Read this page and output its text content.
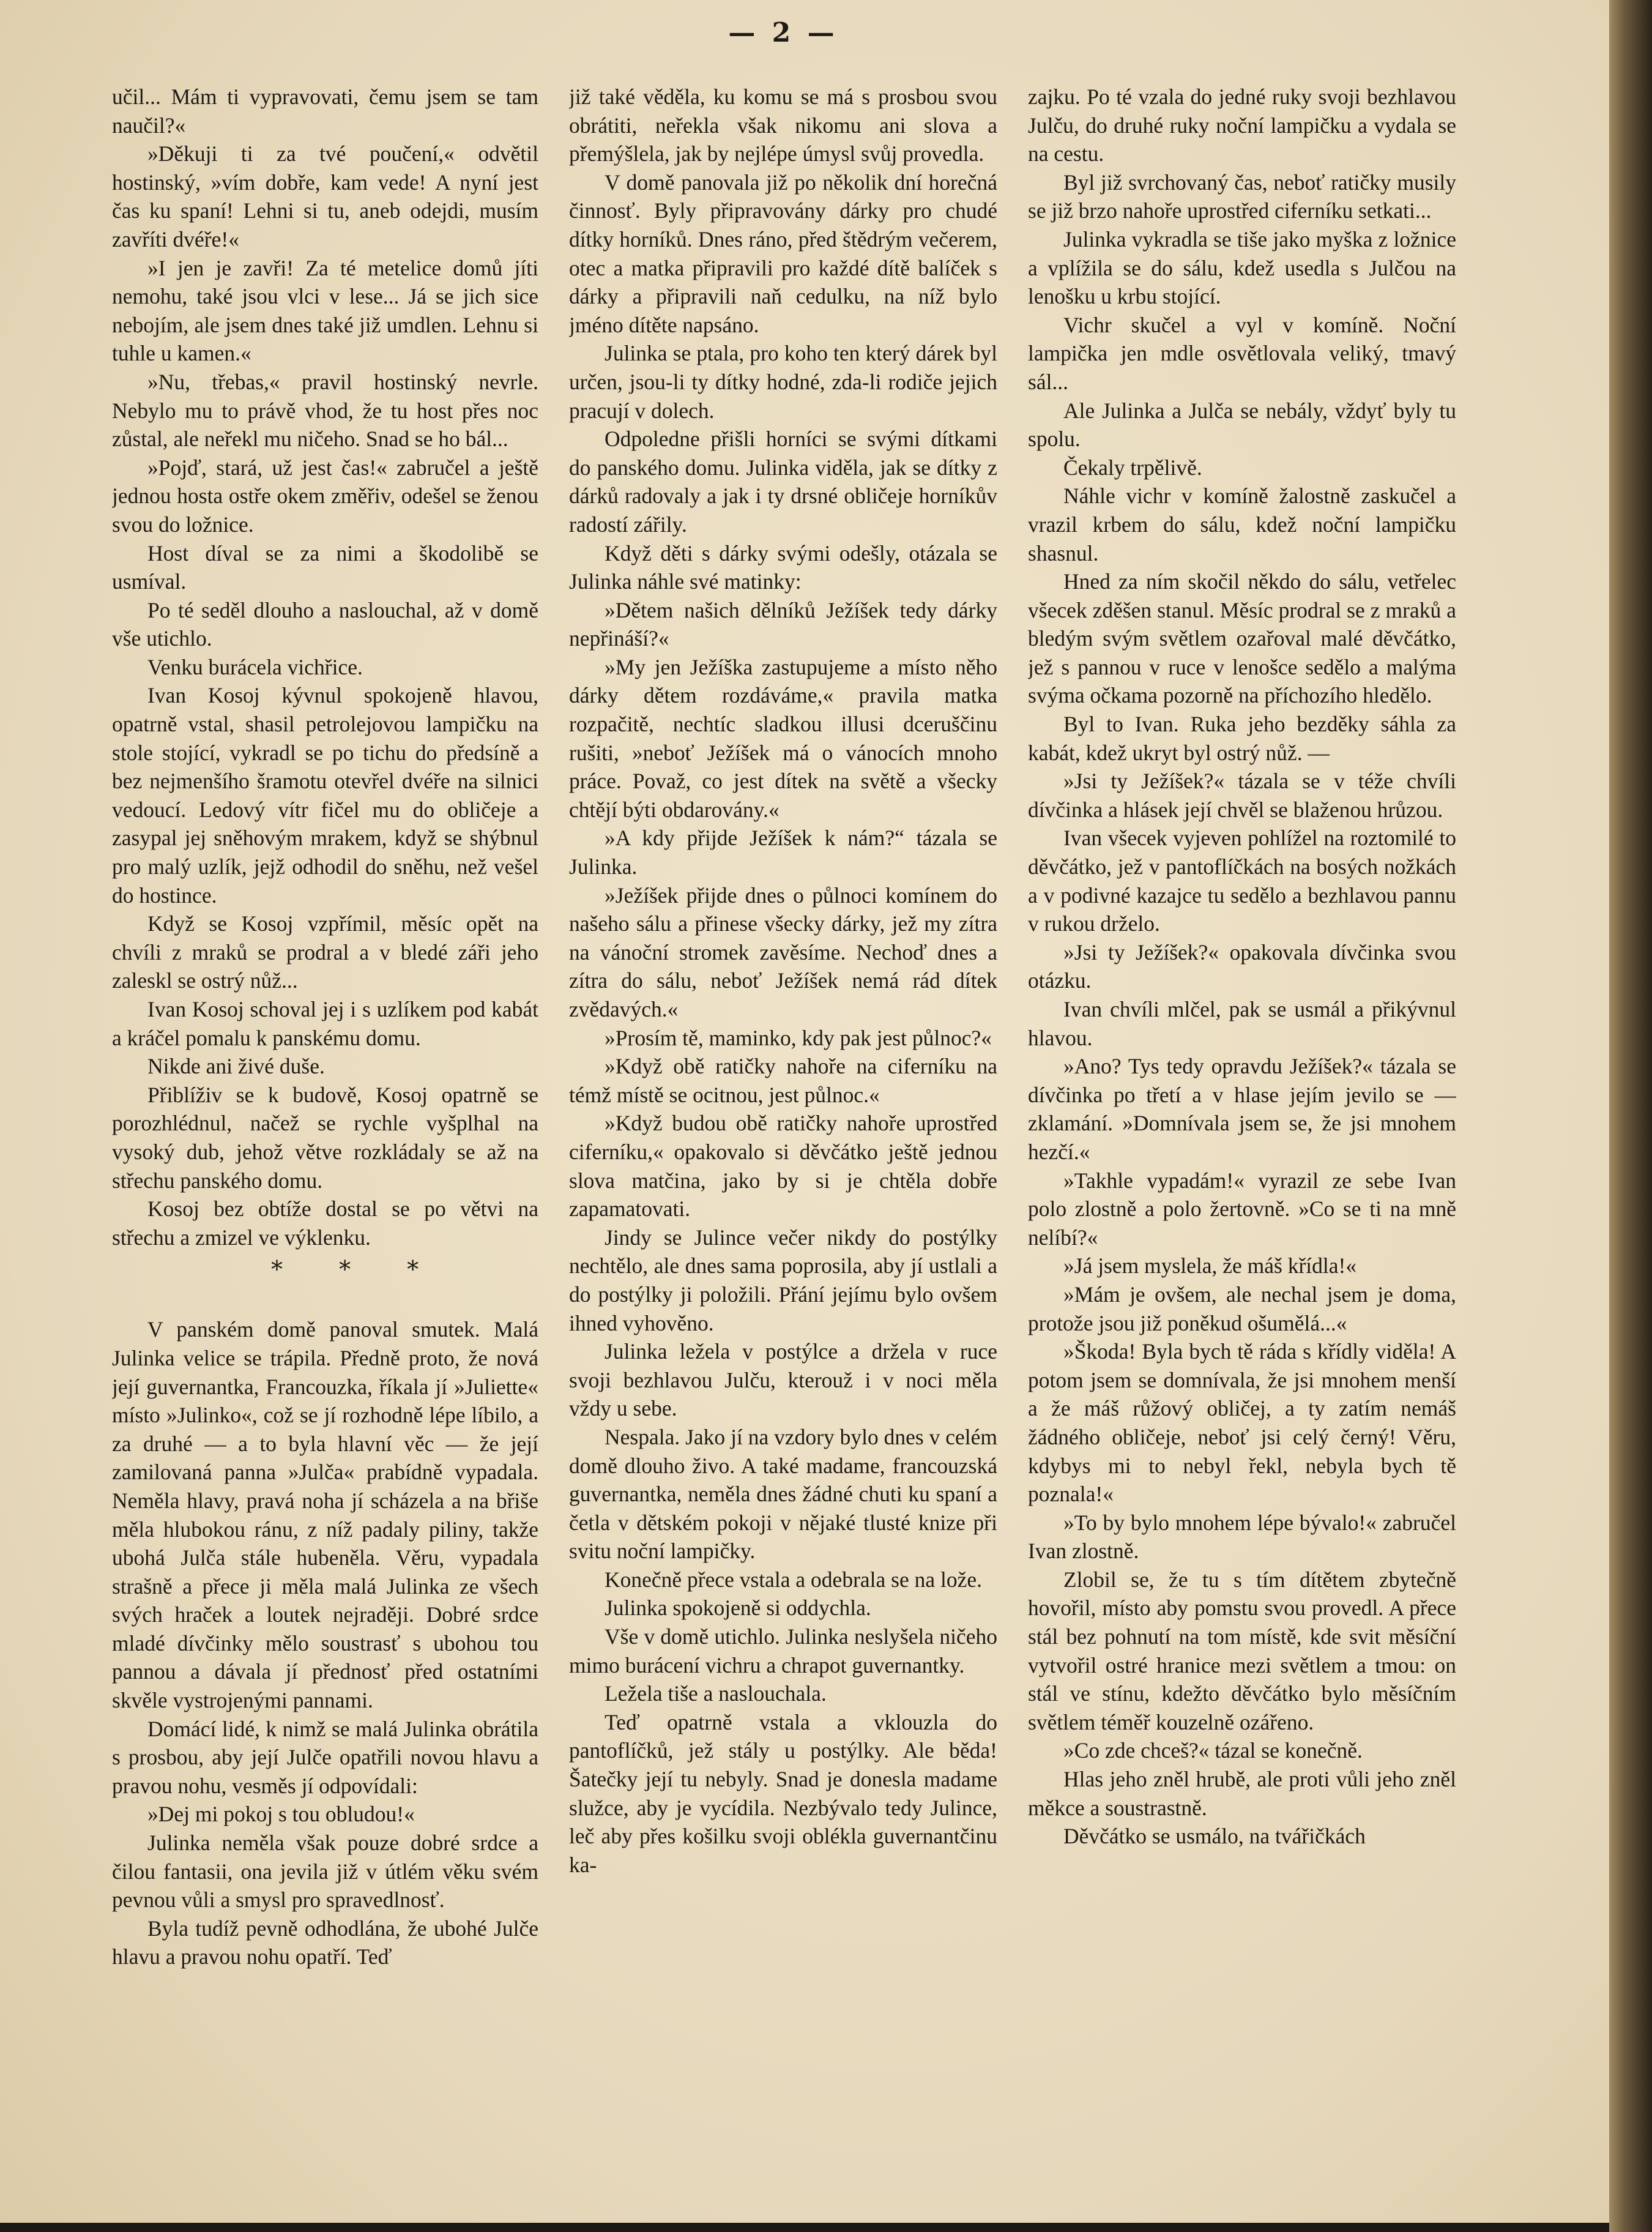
— 2 —

učil... Mám ti vypravovati, čemu jsem se tam naučil?«

»Děkuji ti za tvé poučení,« odvětil hostinský, »vím dobře, kam vede! A nyní jest čas ku spaní! Lehni si tu, aneb odejdi, musím zavříti dvéře!«

»I jen je zavři! Za té metelice domů jíti nemohu, také jsou vlci v lese... Já se jich sice nebojím, ale jsem dnes také již umdlen. Lehnu si tuhle u kamen.«

»Nu, třebas,« pravil hostinský nevrle. Nebylo mu to právě vhod, že tu host přes noc zůstal, ale neřekl mu ničeho. Snad se ho bál...

»Pojď, stará, už jest čas!« zabručel a ještě jednou hosta ostře okem změřiv, odešel se ženou svou do ložnice.

Host díval se za nimi a škodolibě se usmíval.

Po té seděl dlouho a naslouchal, až v domě vše utichlo.

Venku burácela vichřice.

Ivan Kosoj kývnul spokojeně hlavou, opatrně vstal, shasil petrolejovou lampičku na stole stojící, vykradl se po tichu do předsíně a bez nejmenšího šramotu otevřel dvéře na silnici vedoucí. Ledový vítr fičel mu do obličeje a zasypal jej sněhovým mrakem, když se shýbnul pro malý uzlík, jejž odhodil do sněhu, než vešel do hostince.

Když se Kosoj vzpřímil, měsíc opět na chvíli z mraků se prodral a v bledé záři jeho zaleskl se ostrý nůž...

Ivan Kosoj schoval jej i s uzlíkem pod kabát a kráčel pomalu k panskému domu.

Nikde ani živé duše.

Přiblíživ se k budově, Kosoj opatrně se porozhlédnul, načež se rychle vyšplhal na vysoký dub, jehož větve rozkládaly se až na střechu panského domu.

Kosoj bez obtíže dostal se po větvi na střechu a zmizel ve výklenku.

* * *

V panském domě panoval smutek. Malá Julinka velice se trápila. Předně proto, že nová její guvernantka, Francouzka, říkala jí »Juliette« místo »Julinko«, což se jí rozhodně lépe líbilo, a za druhé — a to byla hlavní věc — že její zamilovaná panna »Julča« prabídně vypadala. Neměla hlavy, pravá noha jí scházela a na břiše měla hlubokou ránu, z níž padaly piliny, takže ubohá Julča stále hubeněla. Věru, vypadala strašně a přece ji měla malá Julinka ze všech svých hraček a loutek nejraději. Dobré srdce mladé dívčinky mělo soustrasť s ubohou tou pannou a dávala jí přednosť před ostatními skvěle vystrojenými pannami.

Domácí lidé, k nimž se malá Julinka obrátila s prosbou, aby její Julče opatřili novou hlavu a pravou nohu, vesměs jí odpovídali:

»Dej mi pokoj s tou obludou!«

Julinka neměla však pouze dobré srdce a čilou fantasii, ona jevila již v útlém věku svém pevnou vůli a smysl pro spravedlnosť.

Byla tudíž pevně odhodlána, že ubohé Julče hlavu a pravou nohu opatří. Teď

již také věděla, ku komu se má s prosbou svou obrátiti, neřekla však nikomu ani slova a přemýšlela, jak by nejlépe úmysl svůj provedla.

V domě panovala již po několik dní horečná činnosť. Byly připravovány dárky pro chudé dítky horníků. Dnes ráno, před štědrým večerem, otec a matka připravili pro každé dítě balíček s dárky a připravili naň cedulku, na níž bylo jméno dítěte napsáno.

Julinka se ptala, pro koho ten který dárek byl určen, jsou-li ty dítky hodné, zda-li rodiče jejich pracují v dolech.

Odpoledne přišli horníci se svými dítkami do panského domu. Julinka viděla, jak se dítky z dárků radovaly a jak i ty drsné obličeje horníkův radostí zářily.

Když děti s dárky svými odešly, otázala se Julinka náhle své matinky:

»Dětem našich dělníků Ježíšek tedy dárky nepřináší?«

»My jen Ježíška zastupujeme a místo něho dárky dětem rozdáváme,« pravila matka rozpačitě, nechtíc sladkou illusi dceruščinu rušiti, »neboť Ježíšek má o vánocích mnoho práce. Považ, co jest dítek na světě a všecky chtějí býti obdarovány.«

»A kdy přijde Ježíšek k nám?“ tázala se Julinka.

»Ježíšek přijde dnes o půlnoci komínem do našeho sálu a přinese všecky dárky, jež my zítra na vánoční stromek zavěsíme. Nechoď dnes a zítra do sálu, neboť Ježíšek nemá rád dítek zvědavých.«

»Prosím tě, maminko, kdy pak jest půlnoc?«

»Když obě ratičky nahoře na ciferníku na témž místě se ocitnou, jest půlnoc.«

»Když budou obě ratičky nahoře uprostřed ciferníku,« opakovalo si děvčátko ještě jednou slova matčina, jako by si je chtěla dobře zapamatovati.

Jindy se Julince večer nikdy do postýlky nechtělo, ale dnes sama poprosila, aby jí ustlali a do postýlky ji položili. Přání jejímu bylo ovšem ihned vyhověno.

Julinka ležela v postýlce a držela v ruce svoji bezhlavou Julču, kterouž i v noci měla vždy u sebe.

Nespala. Jako jí na vzdory bylo dnes v celém domě dlouho živo. A také madame, francouzská guvernantka, neměla dnes žádné chuti ku spaní a četla v dětském pokoji v nějaké tlusté knize při svitu noční lampičky.

Konečně přece vstala a odebrala se na lože.

Julinka spokojeně si oddychla.

Vše v domě utichlo. Julinka neslyšela ničeho mimo burácení vichru a chrapot guvernantky.

Ležela tiše a naslouchala.

Teď opatrně vstala a vklouzla do pantoflíčků, jež stály u postýlky. Ale běda! Šatečky její tu nebyly. Snad je donesla madame služce, aby je vycídila. Nezbývalo tedy Julince, leč aby přes košilku svoji oblékla guvernantčinu ka-

zajku. Po té vzala do jedné ruky svoji bezhlavou Julču, do druhé ruky noční lampičku a vydala se na cestu.

Byl již svrchovaný čas, neboť ratičky musily se již brzo nahoře uprostřed ciferníku setkati...

Julinka vykradla se tiše jako myška z ložnice a vplížila se do sálu, kdež usedla s Julčou na lenošku u krbu stojící.

Vichr skučel a vyl v komíně. Noční lampička jen mdle osvětlovala veliký, tmavý sál...

Ale Julinka a Julča se nebály, vždyť byly tu spolu.

Čekaly trpělivě.

Náhle vichr v komíně žalostně zaskučel a vrazil krbem do sálu, kdež noční lampičku shasnul.

Hned za ním skočil někdo do sálu, vetřelec všecek zděšen stanul. Měsíc prodral se z mraků a bledým svým světlem ozařoval malé děvčátko, jež s pannou v ruce v lenošce sedělo a malýma svýma očkama pozorně na příchozího hledělo.

Byl to Ivan. Ruka jeho bezděky sáhla za kabát, kdež ukryt byl ostrý nůž. —

»Jsi ty Ježíšek?« tázala se v téže chvíli dívčinka a hlásek její chvěl se blaženou hrůzou.

Ivan všecek vyjeven pohlížel na roztomilé to děvčátko, jež v pantoflíčkách na bosých nožkách a v podivné kazajce tu sedělo a bezhlavou pannu v rukou drželo.

»Jsi ty Ježíšek?« opakovala dívčinka svou otázku.

Ivan chvíli mlčel, pak se usmál a přikývnul hlavou.

»Ano? Tys tedy opravdu Ježíšek?« tázala se dívčinka po třetí a v hlase jejím jevilo se — zklamání. »Domnívala jsem se, že jsi mnohem hezčí.«

»Takhle vypadám!« vyrazil ze sebe Ivan polo zlostně a polo žertovně. »Co se ti na mně nelíbí?«

»Já jsem myslela, že máš křídla!«

»Mám je ovšem, ale nechal jsem je doma, protože jsou již poněkud ošumělá...«

»Škoda! Byla bych tě ráda s křídly viděla! A potom jsem se domnívala, že jsi mnohem menší a že máš růžový obličej, a ty zatím nemáš žádného obličeje, neboť jsi celý černý! Věru, kdybys mi to nebyl řekl, nebyla bych tě poznala!«

»To by bylo mnohem lépe bývalo!« zabručel Ivan zlostně.

Zlobil se, že tu s tím dítětem zbytečně hovořil, místo aby pomstu svou provedl. A přece stál bez pohnutí na tom místě, kde svit měsíční vytvořil ostré hranice mezi světlem a tmou: on stál ve stínu, kdežto děvčátko bylo měsíčním světlem téměř kouzelně ozářeno.

»Co zde chceš?« tázal se konečně.

Hlas jeho zněl hrubě, ale proti vůli jeho zněl měkce a soustrastně.

Děvčátko se usmálo, na tvářičkách
